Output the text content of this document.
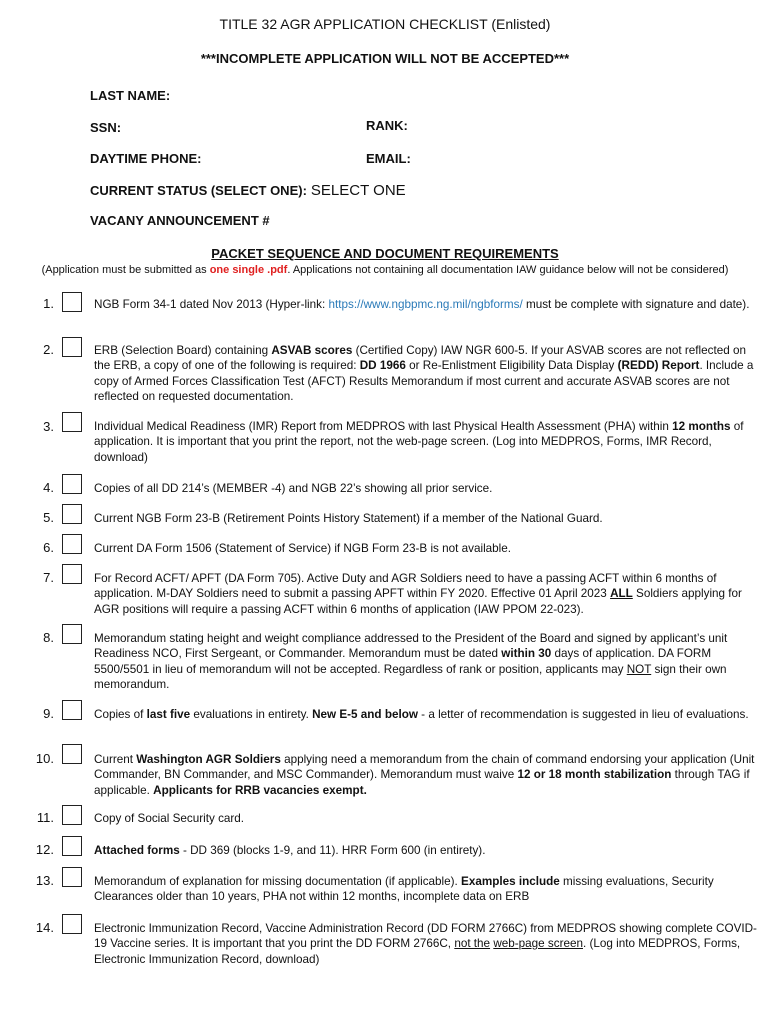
TITLE 32 AGR APPLICATION CHECKLIST (Enlisted)
***INCOMPLETE APPLICATION WILL NOT BE ACCEPTED***
LAST NAME:
SSN:	RANK:
DAYTIME PHONE:	EMAIL:
CURRENT STATUS (SELECT ONE): SELECT ONE
VACANY ANNOUNCEMENT #
PACKET SEQUENCE AND DOCUMENT REQUIREMENTS
(Application must be submitted as one single .pdf. Applications not containing all documentation IAW guidance below will not be considered)
1.	NGB Form 34-1 dated Nov 2013 (Hyper-link: https://www.ngbpmc.ng.mil/ngbforms/ must be complete with signature and date).
2.	ERB (Selection Board) containing ASVAB scores (Certified Copy) IAW NGR 600-5. If your ASVAB scores are not reflected on the ERB, a copy of one of the following is required: DD 1966 or Re-Enlistment Eligibility Data Display (REDD) Report. Include a copy of Armed Forces Classification Test (AFCT) Results Memorandum if most current and accurate ASVAB scores are not reflected on requested documentation.
3.	Individual Medical Readiness (IMR) Report from MEDPROS with last Physical Health Assessment (PHA) within 12 months of application. It is important that you print the report, not the web-page screen. (Log into MEDPROS, Forms, IMR Record, download)
4.	Copies of all DD 214’s (MEMBER -4) and NGB 22’s showing all prior service.
5.	Current NGB Form 23-B (Retirement Points History Statement) if a member of the National Guard.
6.	Current DA Form 1506 (Statement of Service) if NGB Form 23-B is not available.
7.	For Record ACFT/ APFT (DA Form 705). Active Duty and AGR Soldiers need to have a passing ACFT within 6 months of application. M-DAY Soldiers need to submit a passing APFT within FY 2020. Effective 01 April 2023 ALL Soldiers applying for AGR positions will require a passing ACFT within 6 months of application (IAW PPOM 22-023).
8.	Memorandum stating height and weight compliance addressed to the President of the Board and signed by applicant’s unit Readiness NCO, First Sergeant, or Commander. Memorandum must be dated within 30 days of application. DA FORM 5500/5501 in lieu of memorandum will not be accepted. Regardless of rank or position, applicants may NOT sign their own memorandum.
9.	Copies of last five evaluations in entirety. New E-5 and below - a letter of recommendation is suggested in lieu of evaluations.
10.	Current Washington AGR Soldiers applying need a memorandum from the chain of command endorsing your application (Unit Commander, BN Commander, and MSC Commander). Memorandum must waive 12 or 18 month stabilization through TAG if applicable. Applicants for RRB vacancies exempt.
11.	Copy of Social Security card.
12.	Attached forms - DD 369 (blocks 1-9, and 11). HRR Form 600 (in entirety).
13.	Memorandum of explanation for missing documentation (if applicable). Examples include missing evaluations, Security Clearances older than 10 years, PHA not within 12 months, incomplete data on ERB
14.	Electronic Immunization Record, Vaccine Administration Record (DD FORM 2766C) from MEDPROS showing complete COVID-19 Vaccine series. It is important that you print the DD FORM 2766C, not the web-page screen. (Log into MEDPROS, Forms, Electronic Immunization Record, download)
